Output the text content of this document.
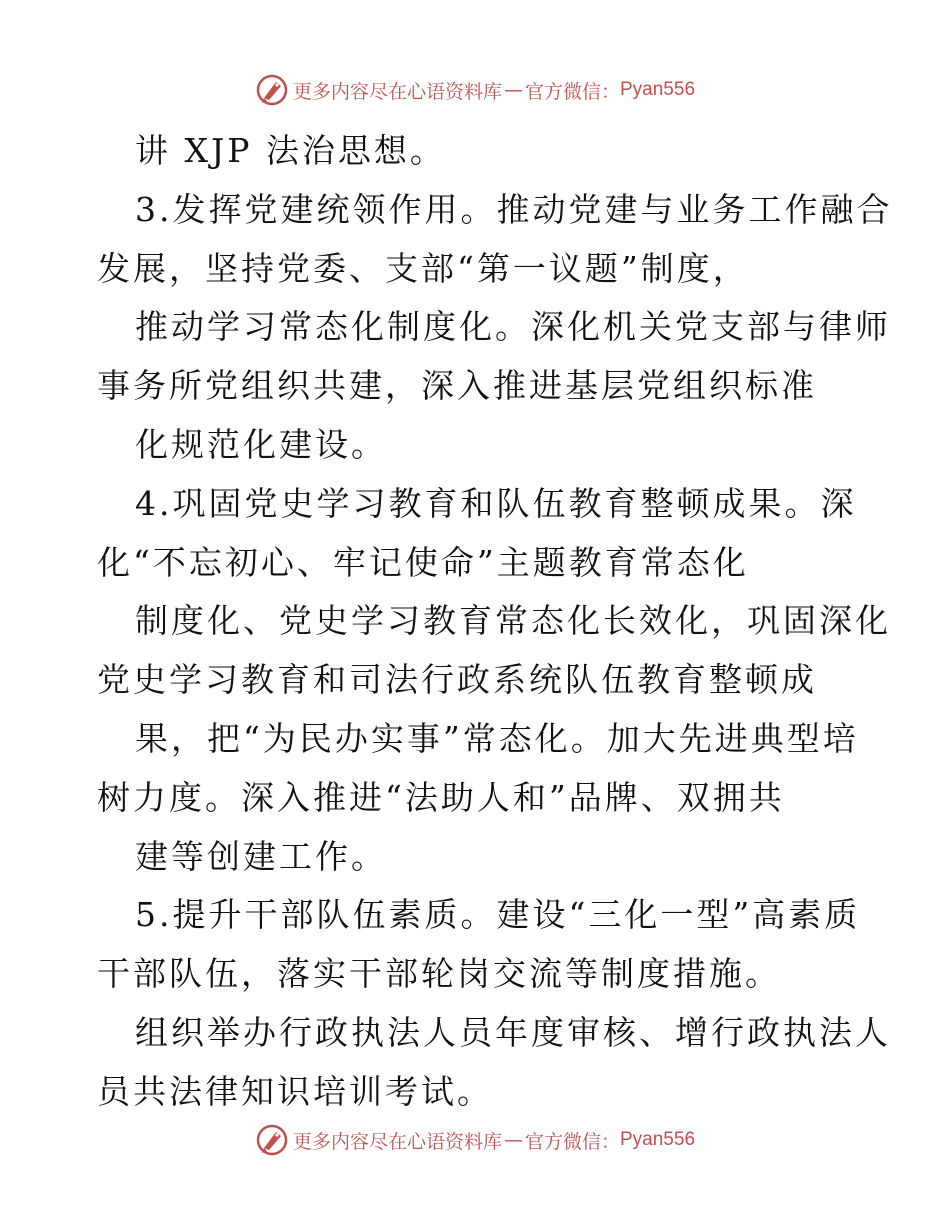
更多内容尽在心语资料库 — 官方微信： Pyan556
讲 XJP 法治思想。
3.发挥党建统领作用。推动党建与业务工作融合
发展，坚持党委、支部“第一议题”制度，
推动学习常态化制度化。深化机关党支部与律师
事务所党组织共建，深入推进基层党组织标准
化规范化建设。
4.巩固党史学习教育和队伍教育整顿成果。深
化“不忘初心、牢记使命”主题教育常态化
制度化、党史学习教育常态化长效化，巩固深化
党史学习教育和司法行政系统队伍教育整顿成
果，把“为民办实事”常态化。加大先进典型培
树力度。深入推进“法助人和”品牌、双拥共
建等创建工作。
5.提升干部队伍素质。建设“三化一型”高素质
干部队伍，落实干部轮岗交流等制度措施。
组织举办行政执法人员年度审核、增行政执法人
员共法律知识培训考试。
更多内容尽在心语资料库 — 官方微信： Pyan556
